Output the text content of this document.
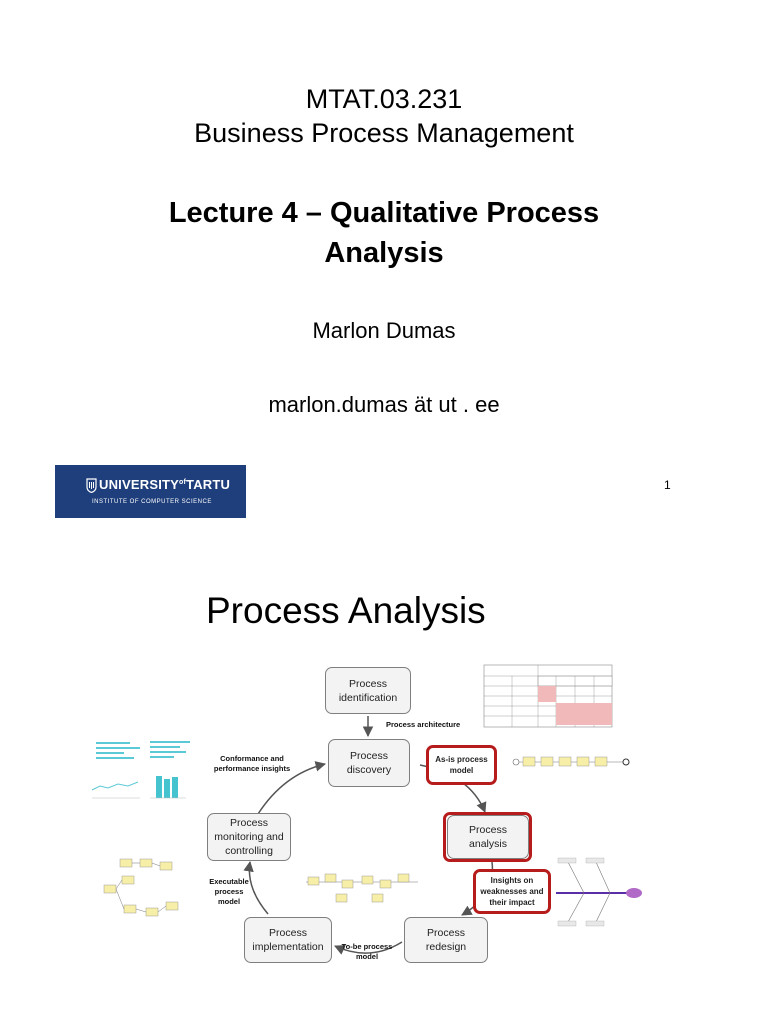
MTAT.03.231
Business Process Management
Lecture 4 – Qualitative Process Analysis
Marlon Dumas
marlon.dumas ät ut . ee
$UNIVERSITY^{of}TARTU$
INSTITUTE OF COMPUTER SCIENCE
1
Process Analysis
Process
identification
Process
discovery
Process
analysis
Process
redesign
Process
implementation
Process
monitoring and
controlling
As-is process
model
Insights on
weaknesses and
their impact
Process architecture
Conformance and
performance insights
Executable
process
model
To-be process
model
